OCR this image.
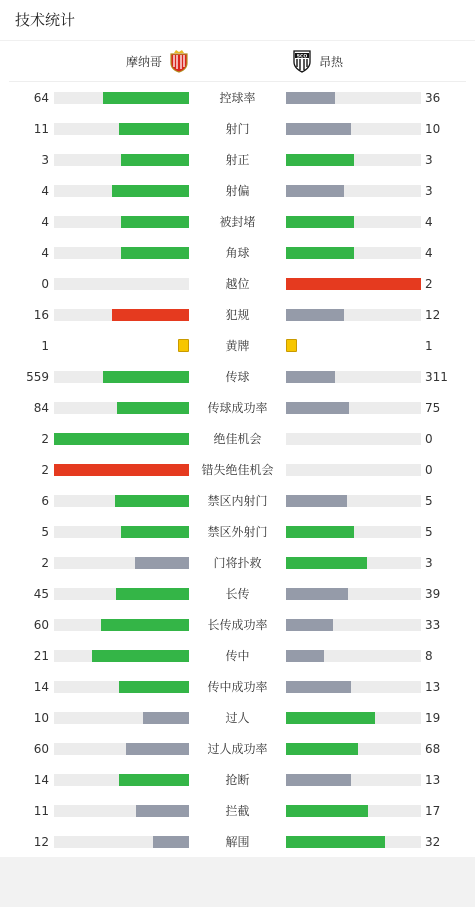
技术统计
摩纳哥	SCO 昂热
64	控球率	36
11	射门	10
3	射正	3
4	射偏	3
4	被封堵	4
4	角球	4
0	越位	2
16	犯规	12
1	黄牌	1
559	传球	311
84	传球成功率	75
2	绝佳机会	0
2	错失绝佳机会	0
6	禁区内射门	5
5	禁区外射门	5
2	门将扑救	3
45	长传	39
60	长传成功率	33
21	传中	8
14	传中成功率	13
10	过人	19
60	过人成功率	68
14	抢断	13
11	拦截	17
12	解围	32
